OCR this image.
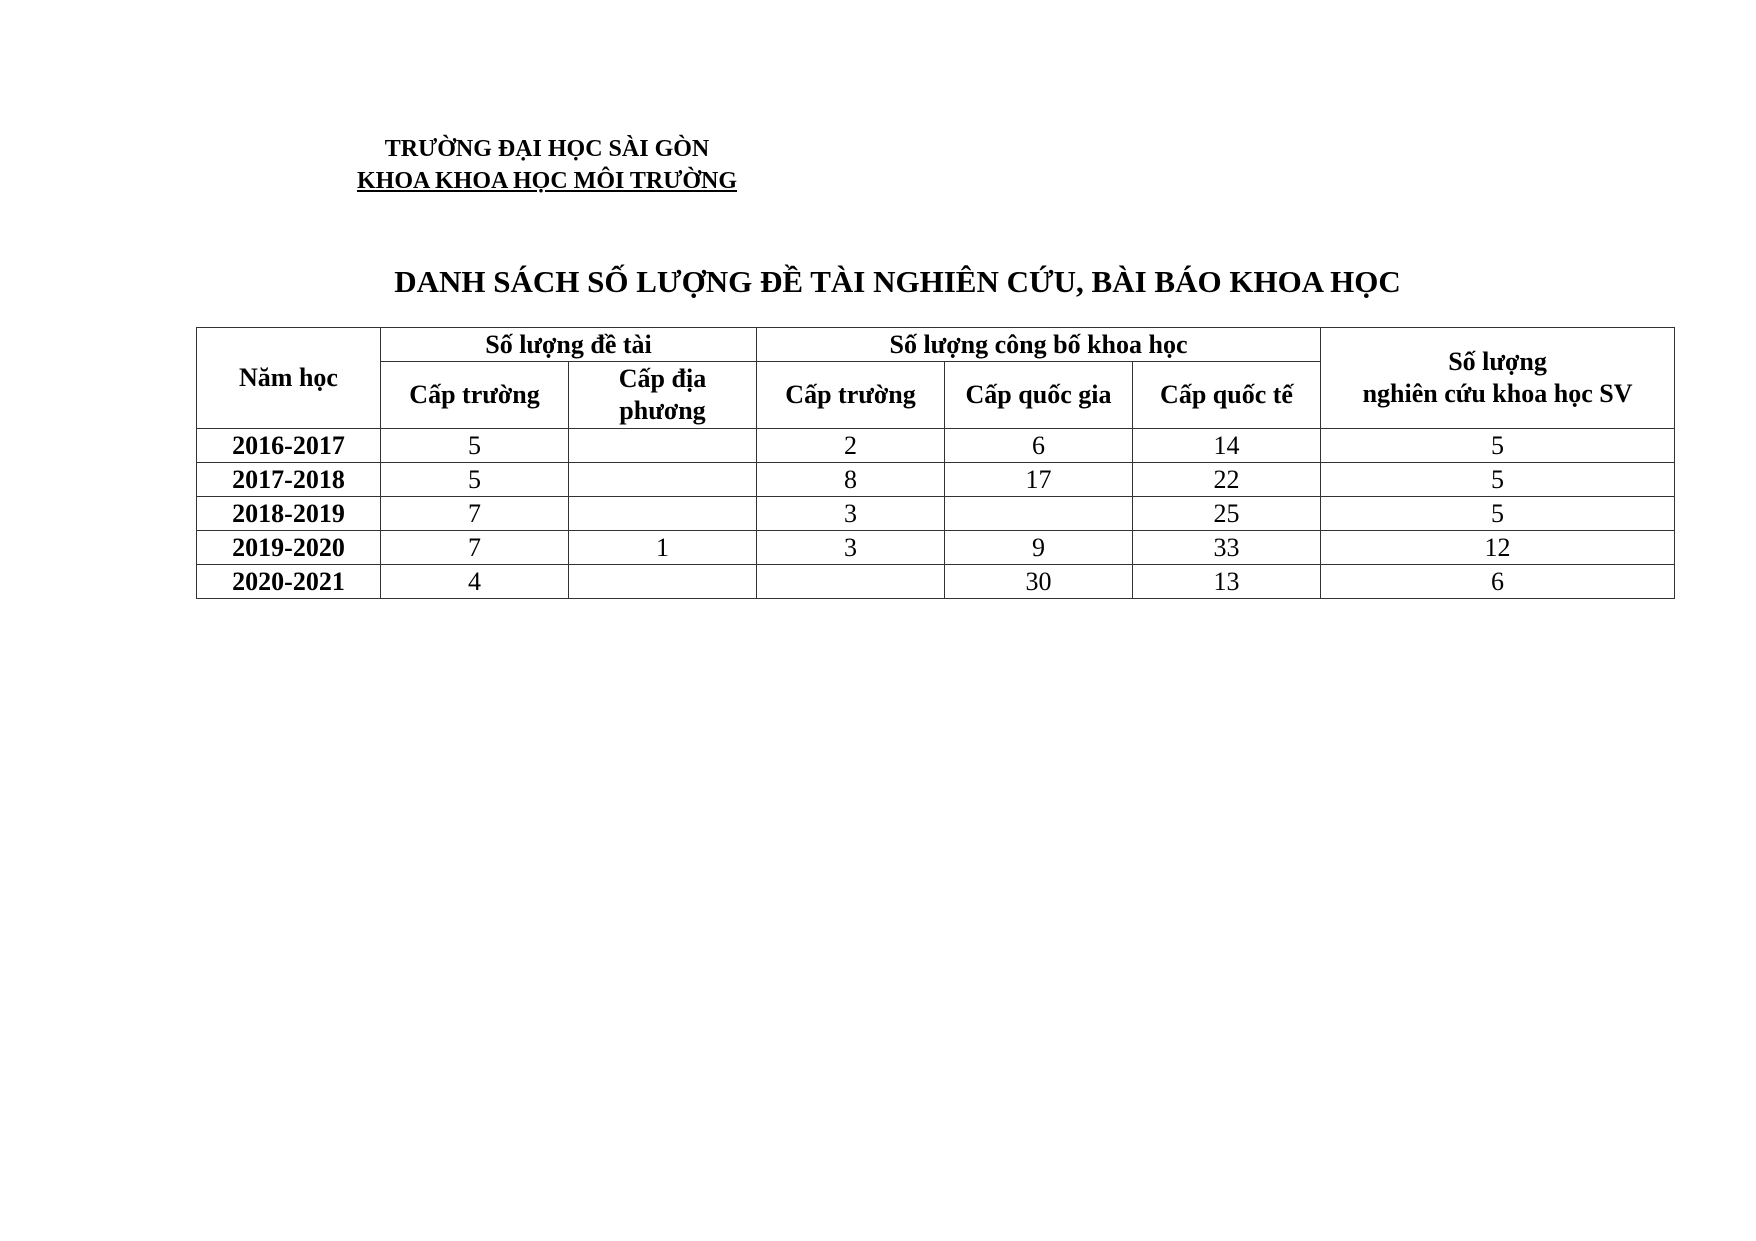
TRƯỜNG ĐẠI HỌC SÀI GÒN
KHOA KHOA HỌC MÔI TRƯỜNG
DANH SÁCH SỐ LƯỢNG ĐỀ TÀI NGHIÊN CỨU, BÀI BÁO KHOA HỌC
Năm học	Số lượng đề tài		Số lượng công bố khoa học			Số lượng
nghiên cứu khoa học SV

	Cấp trường	Cấp địa
phương	Cấp trường	Cấp quốc gia	Cấp quốc tế	
2016-2017	5		2	6	14	5
2017-2018	5		8	17	22	5
2018-2019	7		3		25	5
2019-2020	7	1	3	9	33	12
2020-2021	4			30	13	6
